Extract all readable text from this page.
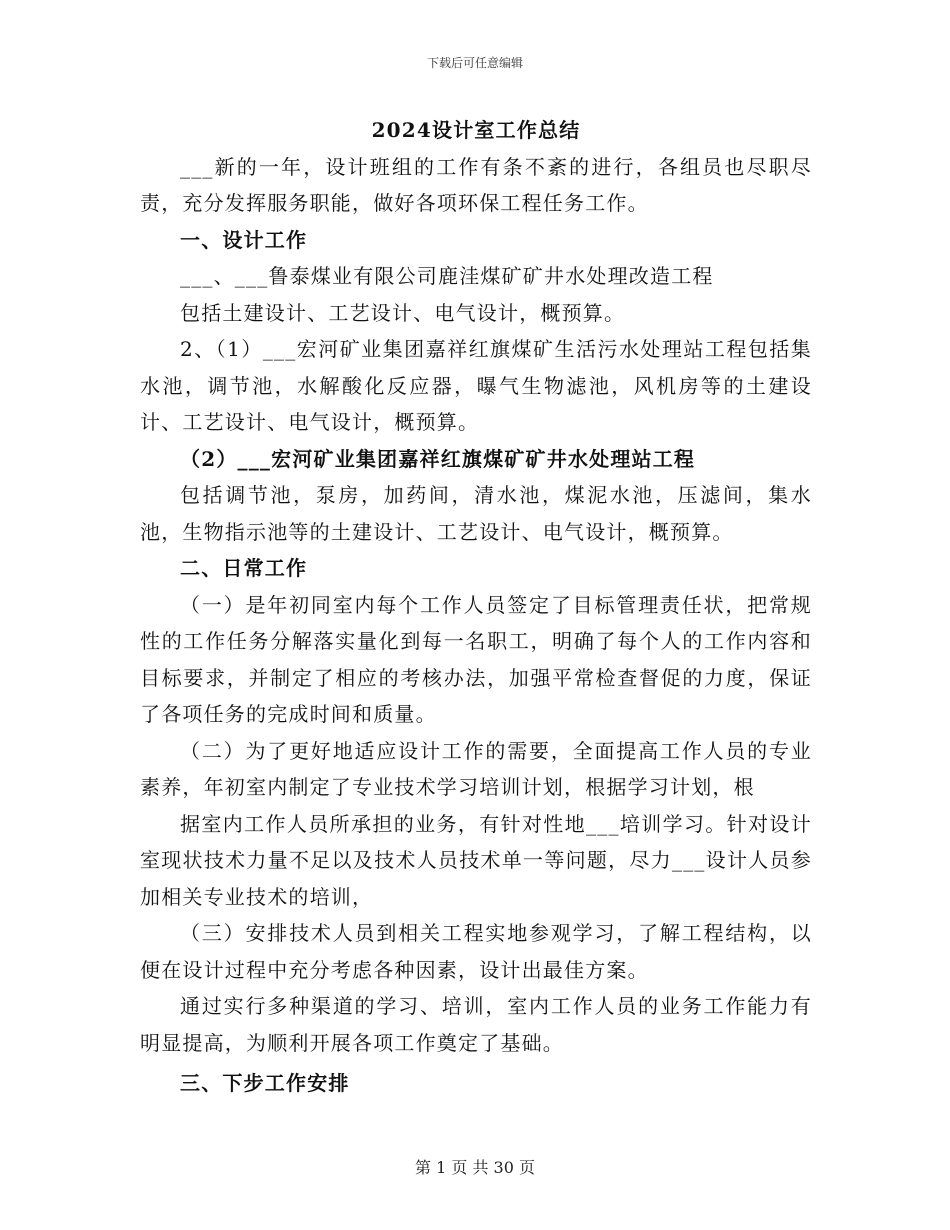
下载后可任意编辑

2024设计室工作总结

___新的一年，设计班组的工作有条不紊的进行，各组员也尽职尽责，充分发挥服务职能，做好各项环保工程任务工作。

一、设计工作

___、___鲁泰煤业有限公司鹿洼煤矿矿井水处理改造工程

包括土建设计、工艺设计、电气设计，概预算。

2、（1）___宏河矿业集团嘉祥红旗煤矿生活污水处理站工程包括集水池，调节池，水解酸化反应器，曝气生物滤池，风机房等的土建设计、工艺设计、电气设计，概预算。

（2）___宏河矿业集团嘉祥红旗煤矿矿井水处理站工程

包括调节池，泵房，加药间，清水池，煤泥水池，压滤间，集水池，生物指示池等的土建设计、工艺设计、电气设计，概预算。

二、日常工作

（一）是年初同室内每个工作人员签定了目标管理责任状，把常规性的工作任务分解落实量化到每一名职工，明确了每个人的工作内容和目标要求，并制定了相应的考核办法，加强平常检查督促的力度，保证了各项任务的完成时间和质量。

（二）为了更好地适应设计工作的需要，全面提高工作人员的专业素养，年初室内制定了专业技术学习培训计划，根据学习计划，根

据室内工作人员所承担的业务，有针对性地___培训学习。针对设计室现状技术力量不足以及技术人员技术单一等问题，尽力___设计人员参加相关专业技术的培训，

（三）安排技术人员到相关工程实地参观学习，了解工程结构，以便在设计过程中充分考虑各种因素，设计出最佳方案。

通过实行多种渠道的学习、培训，室内工作人员的业务工作能力有明显提高，为顺利开展各项工作奠定了基础。

三、下步工作安排

第 1 页 共 30 页
